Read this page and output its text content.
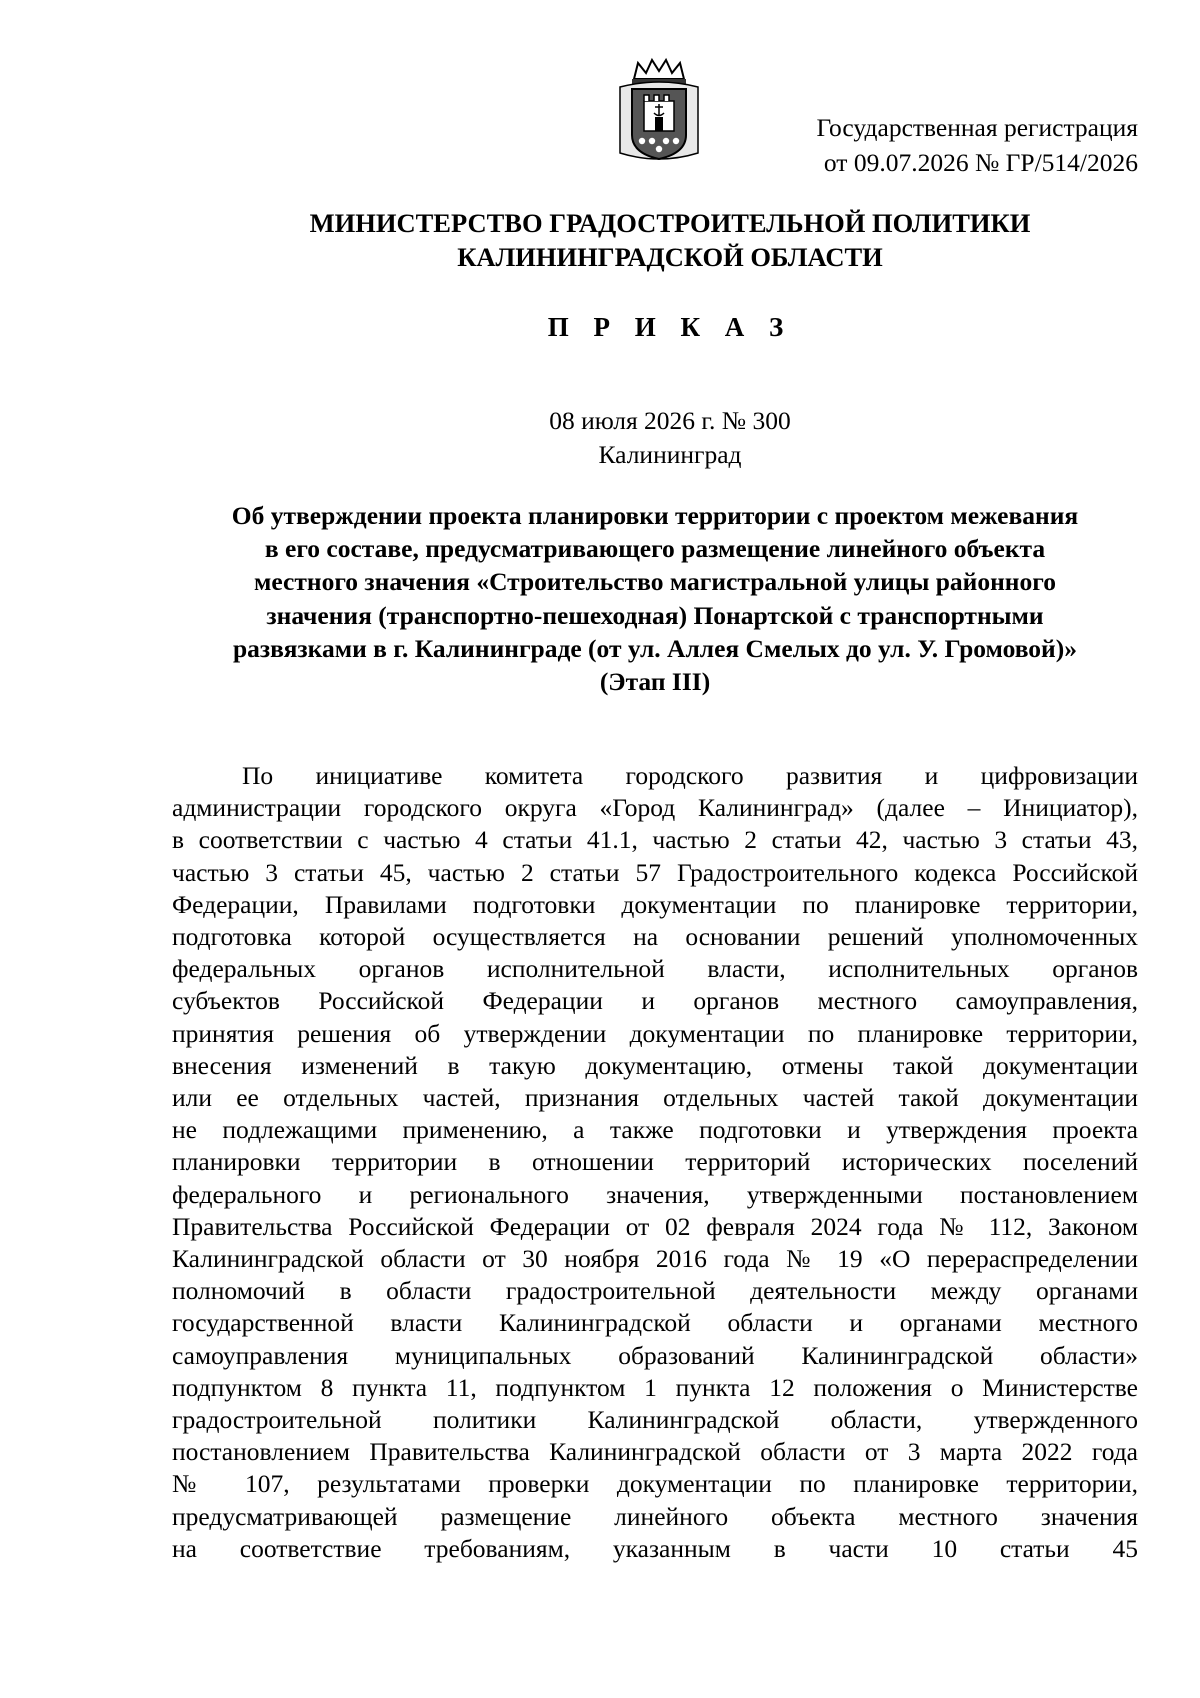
Государственная регистрация
от 09.07.2026 № ГР/514/2026
МИНИСТЕРСТВО ГРАДОСТРОИТЕЛЬНОЙ ПОЛИТИКИ
КАЛИНИНГРАДСКОЙ ОБЛАСТИ
П Р И К А З
08 июля 2026 г. № 300
Калининград
Об утверждении проекта планировки территории с проектом межевания
в его составе, предусматривающего размещение линейного объекта
местного значения «Строительство магистральной улицы районного
значения (транспортно-пешеходная) Понартской с транспортными
развязками в г. Калининграде (от ул. Аллея Смелых до ул. У. Громовой)»
(Этап III)
По инициативе комитета городского развития и цифровизации
администрации городского округа «Город Калининград» (далее – Инициатор),
в соответствии с частью 4 статьи 41.1, частью 2 статьи 42, частью 3 статьи 43,
частью 3 статьи 45, частью 2 статьи 57 Градостроительного кодекса Российской
Федерации, Правилами подготовки документации по планировке территории,
подготовка которой осуществляется на основании решений уполномоченных
федеральных органов исполнительной власти, исполнительных органов
субъектов Российской Федерации и органов местного самоуправления,
принятия решения об утверждении документации по планировке территории,
внесения изменений в такую документацию, отмены такой документации
или ее отдельных частей, признания отдельных частей такой документации
не подлежащими применению, а также подготовки и утверждения проекта
планировки территории в отношении территорий исторических поселений
федерального и регионального значения, утвержденными постановлением
Правительства Российской Федерации от 02 февраля 2024 года № 112, Законом
Калининградской области от 30 ноября 2016 года № 19 «О перераспределении
полномочий в области градостроительной деятельности между органами
государственной власти Калининградской области и органами местного
самоуправления муниципальных образований Калининградской области»
подпунктом 8 пункта 11, подпунктом 1 пункта 12 положения о Министерстве
градостроительной политики Калининградской области, утвержденного
постановлением Правительства Калининградской области от 3 марта 2022 года
№ 107, результатами проверки документации по планировке территории,
предусматривающей размещение линейного объекта местного значения
на соответствие требованиям, указанным в части 10 статьи 45
